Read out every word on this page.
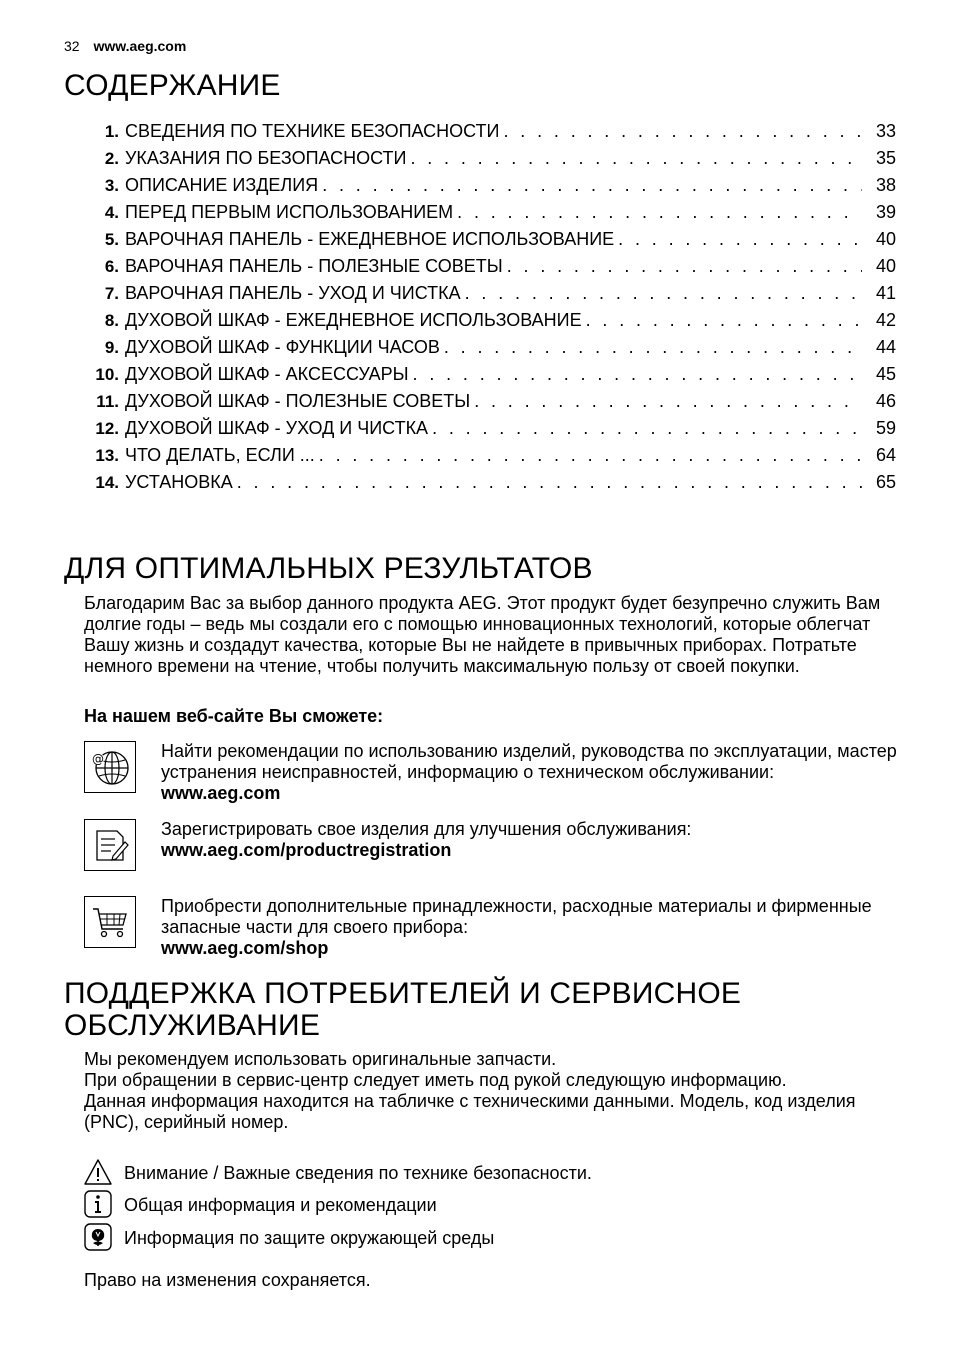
32 www.aeg.com
СОДЕРЖАНИЕ
1. СВЕДЕНИЯ ПО ТЕХНИКЕ БЕЗОПАСНОСТИ . . .	33
2. УКАЗАНИЯ ПО БЕЗОПАСНОСТИ . . .	35
3. ОПИСАНИЕ ИЗДЕЛИЯ . . .	38
4. ПЕРЕД ПЕРВЫМ ИСПОЛЬЗОВАНИЕМ . . .	39
5. ВАРОЧНАЯ ПАНЕЛЬ - ЕЖЕДНЕВНОЕ ИСПОЛЬЗОВАНИЕ . . .	40
6. ВАРОЧНАЯ ПАНЕЛЬ - ПОЛЕЗНЫЕ СОВЕТЫ . . .	40
7. ВАРОЧНАЯ ПАНЕЛЬ - УХОД И ЧИСТКА . . .	41
8. ДУХОВОЙ ШКАФ - ЕЖЕДНЕВНОЕ ИСПОЛЬЗОВАНИЕ . . .	42
9. ДУХОВОЙ ШКАФ - ФУНКЦИИ ЧАСОВ . . .	44
10. ДУХОВОЙ ШКАФ - АКСЕССУАРЫ . . .	45
11. ДУХОВОЙ ШКАФ - ПОЛЕЗНЫЕ СОВЕТЫ . . .	46
12. ДУХОВОЙ ШКАФ - УХОД И ЧИСТКА . . .	59
13. ЧТО ДЕЛАТЬ, ЕСЛИ ... . . .	64
14. УСТАНОВКА . . .	65
ДЛЯ ОПТИМАЛЬНЫХ РЕЗУЛЬТАТОВ

Благодарим Вас за выбор данного продукта AEG. Этот продукт будет безупречно служить Вам долгие годы – ведь мы создали его с помощью инновационных технологий, которые облегчат Вашу жизнь и создадут качества, которые Вы не найдете в привычных приборах. Потратьте немного времени на чтение, чтобы получить максимальную пользу от своей покупки.

На нашем веб-сайте Вы сможете:

@	Найти рекомендации по использованию изделий, руководства по эксплуатации, мастер устранения неисправностей, информацию о техническом обслуживании:
www.aeg.com
Зарегистрировать свое изделия для улучшения обслуживания:
www.aeg.com/productregistration
Приобрести дополнительные принадлежности, расходные материалы и фирменные запасные части для своего прибора:
www.aeg.com/shop
ПОДДЕРЖКА ПОТРЕБИТЕЛЕЙ И СЕРВИСНОЕ ОБСЛУЖИВАНИЕ
Мы рекомендуем использовать оригинальные запчасти.
При обращении в сервис-центр следует иметь под рукой следующую информацию.
Данная информация находится на табличке с техническими данными. Модель, код изделия (PNC), серийный номер.
Внимание / Важные сведения по технике безопасности.
Общая информация и рекомендации
Информация по защите окружающей среды

Право на изменения сохраняется.
